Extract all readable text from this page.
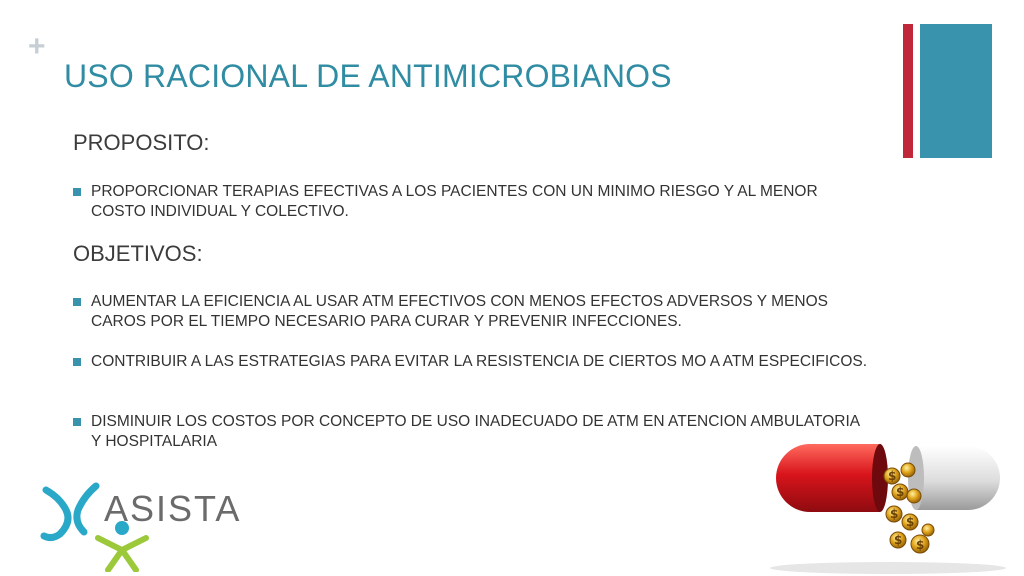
+
USO RACIONAL DE ANTIMICROBIANOS
PROPOSITO:
PROPORCIONAR TERAPIAS EFECTIVAS A LOS PACIENTES CON UN MINIMO RIESGO Y AL MENOR COSTO INDIVIDUAL Y COLECTIVO.
OBJETIVOS:
AUMENTAR LA EFICIENCIA AL USAR ATM EFECTIVOS CON MENOS EFECTOS ADVERSOS Y MENOS CAROS POR EL TIEMPO NECESARIO PARA CURAR Y PREVENIR INFECCIONES.
CONTRIBUIR A LAS ESTRATEGIAS PARA EVITAR LA RESISTENCIA DE CIERTOS MO A ATM ESPECIFICOS.
DISMINUIR LOS COSTOS POR CONCEPTO DE USO INADECUADO DE ATM EN ATENCION AMBULATORIA Y HOSPITALARIA
ASISTA
$
$
$
$
$ $
